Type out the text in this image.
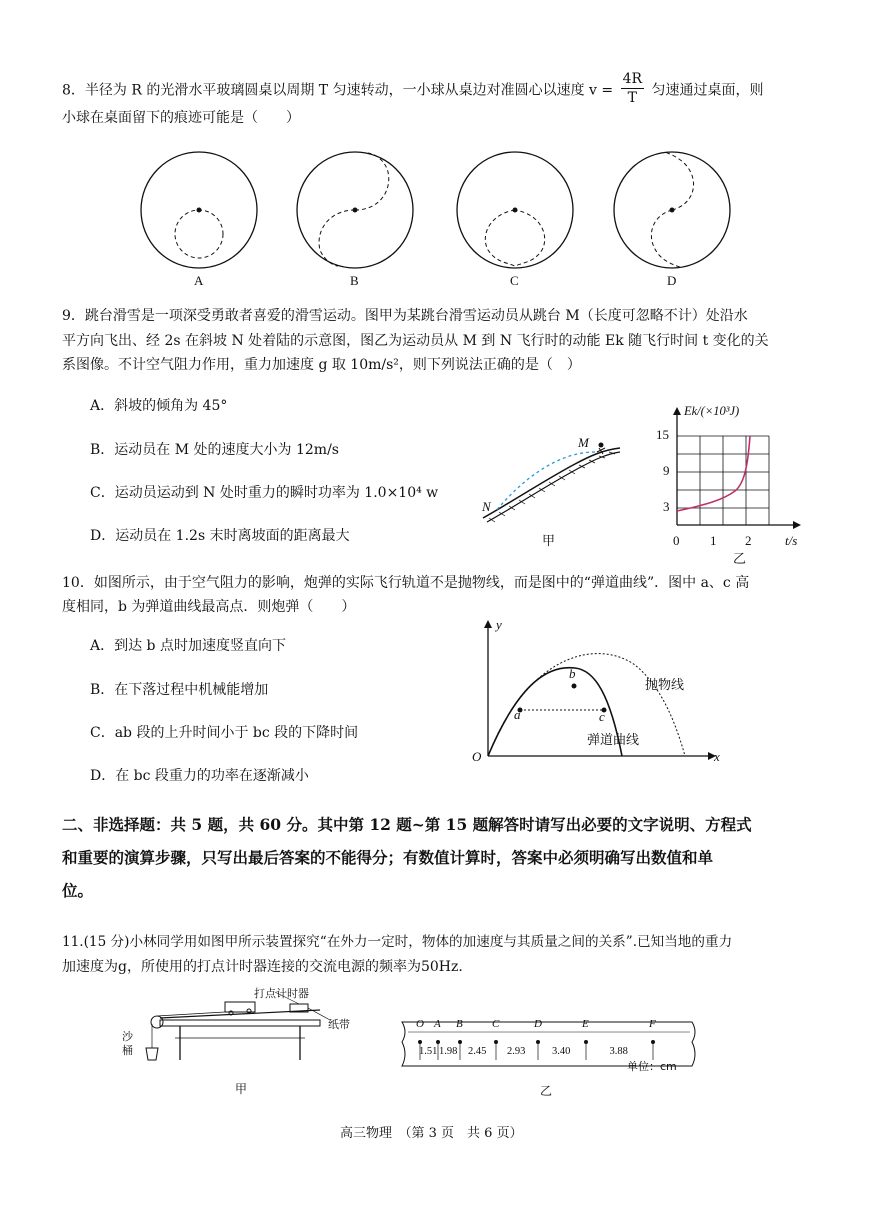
8．半径为 R 的光滑水平玻璃圆桌以周期 T 匀速转动，一小球从桌边对准圆心以速度 $v = \frac{4R}{T}$ 匀速通过桌面，则
小球在桌面留下的痕迹可能是（　　）
A	B	C	D
9．跳台滑雪是一项深受勇敢者喜爱的滑雪运动。图甲为某跳台滑雪运动员从跳台 M（长度可忽略不计）处沿水
平方向飞出、经 2s 在斜坡 N 处着陆的示意图，图乙为运动员从 M 到 N 飞行时的动能 Ek 随飞行时间 t 变化的关
系图像。不计空气阻力作用，重力加速度 g 取 10m/s²，则下列说法正确的是（　）
A．斜坡的倾角为 45°
B．运动员在 M 处的速度大小为 12m/s
C．运动员运动到 N 处时重力的瞬时功率为 1.0×10⁴ w
D．运动员在 1.2s 末时离坡面的距离最大
M
N
甲
Ek/(×10³J)
15
9
3
0 1 2	t/s
乙
10．如图所示，由于空气阻力的影响，炮弹的实际飞行轨道不是抛物线，而是图中的“弹道曲线”．图中 a、c 高
度相同，b 为弹道曲线最高点．则炮弹（　　）
A．到达 b 点时加速度竖直向下
B．在下落过程中机械能增加
C．ab 段的上升时间小于 bc 段的下降时间
D．在 bc 段重力的功率在逐渐减小
y
x
O
a
b
c
抛物线
弹道曲线
二、非选择题：共 5 题，共 60 分。其中第 12 题~第 15 题解答时请写出必要的文字说明、方程式
和重要的演算步骤，只写出最后答案的不能得分；有数值计算时，答案中必须明确写出数值和单
位。
11.(15 分)小林同学用如图甲所示装置探究“在外力一定时，物体的加速度与其质量之间的关系”.已知当地的重力
加速度为g，所使用的打点计时器连接的交流电源的频率为50Hz.
打点计时器
纸带
沙桶
甲
O A B	C	D	E	F
1.51 1.98 2.45 2.93	3.40	3.88
单位：cm
乙
高三物理　（第 3 页　共 6 页）
